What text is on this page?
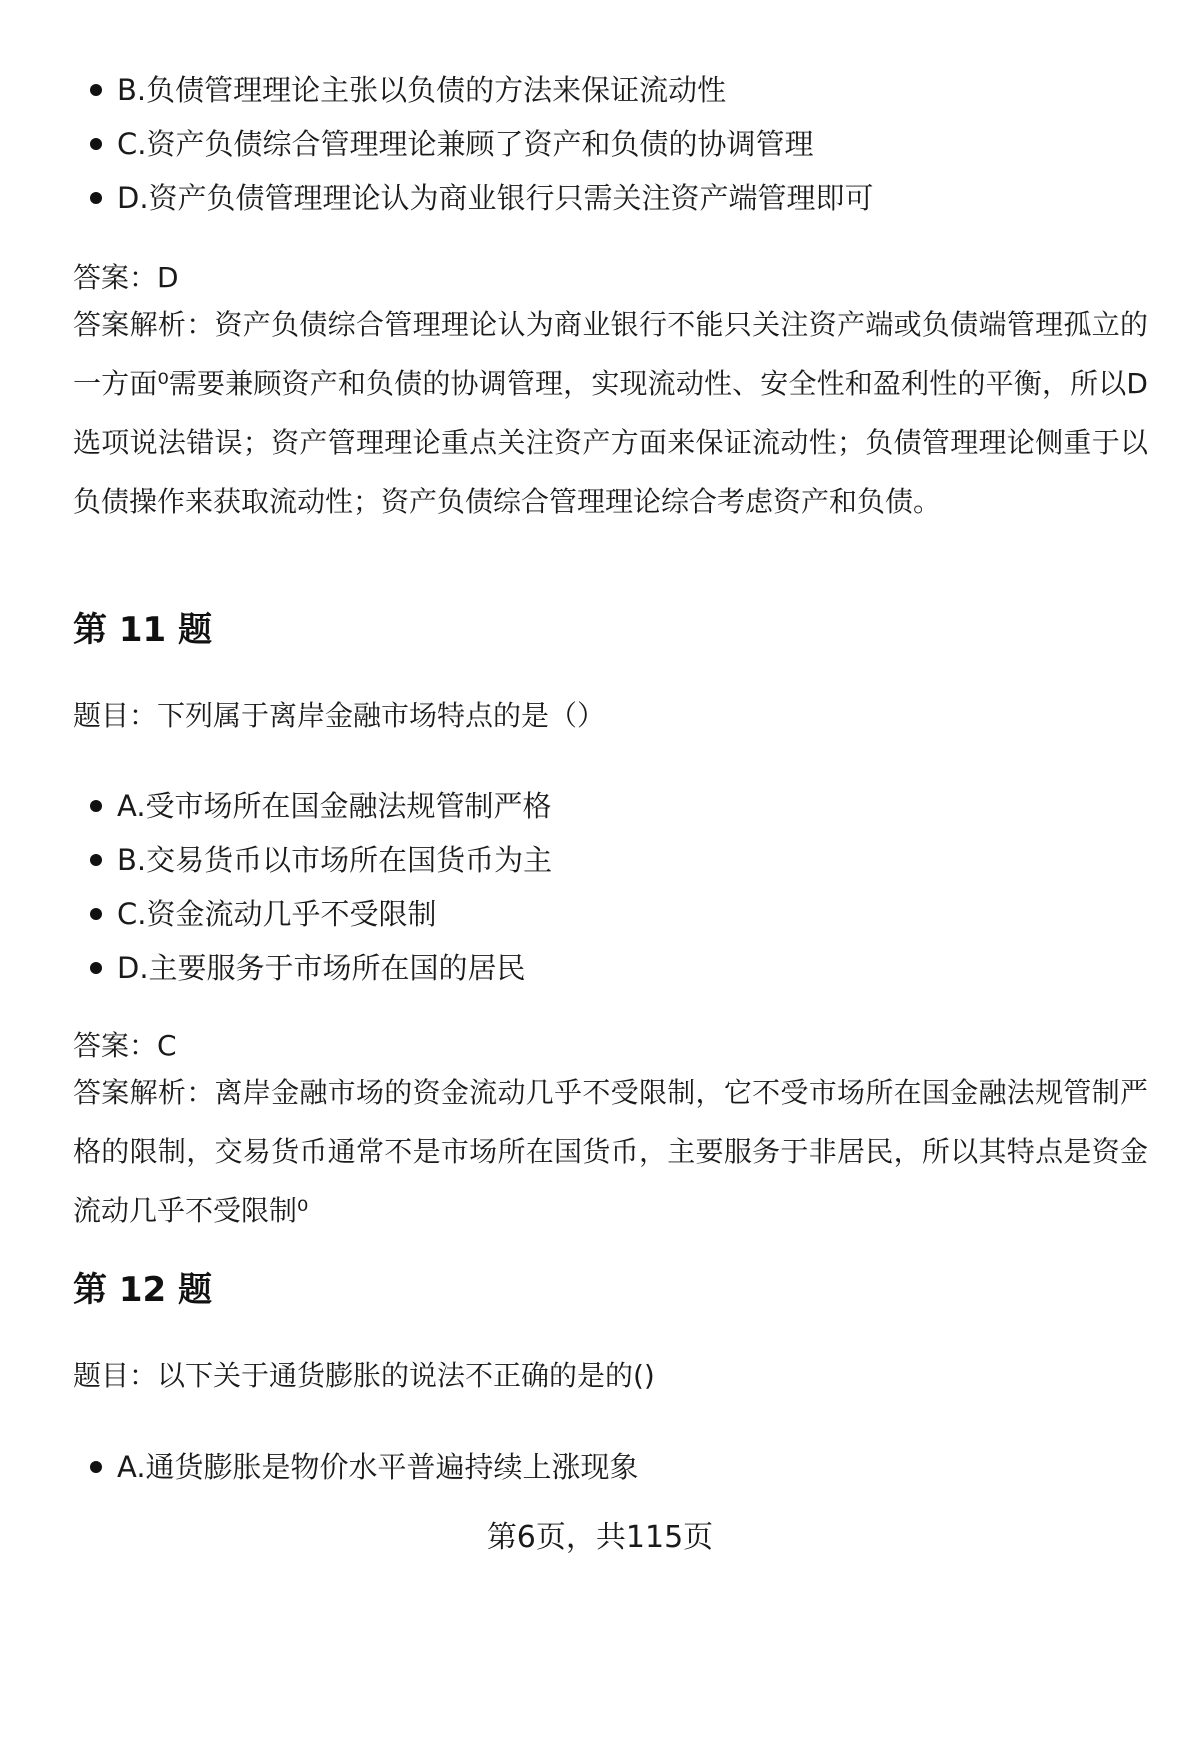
B.负债管理理论主张以负债的方法来保证流动性
C.资产负债综合管理理论兼顾了资产和负债的协调管理
D.资产负债管理理论认为商业银行只需关注资产端管理即可
答案：D
答案解析：资产负债综合管理理论认为商业银行不能只关注资产端或负债端管理孤立的一方面⁰需要兼顾资产和负债的协调管理，实现流动性、安全性和盈利性的平衡，所以D选项说法错误；资产管理理论重点关注资产方面来保证流动性；负债管理理论侧重于以负债操作来获取流动性；资产负债综合管理理论综合考虑资产和负债。
第 11 题
题目：下列属于离岸金融市场特点的是（）
A.受市场所在国金融法规管制严格
B.交易货币以市场所在国货币为主
C.资金流动几乎不受限制
D.主要服务于市场所在国的居民
答案：C
答案解析：离岸金融市场的资金流动几乎不受限制，它不受市场所在国金融法规管制严格的限制，交易货币通常不是市场所在国货币，主要服务于非居民，所以其特点是资金流动几乎不受限制⁰
第 12 题
题目：以下关于通货膨胀的说法不正确的是的()
A.通货膨胀是物价水平普遍持续上涨现象
第6页，共115页
